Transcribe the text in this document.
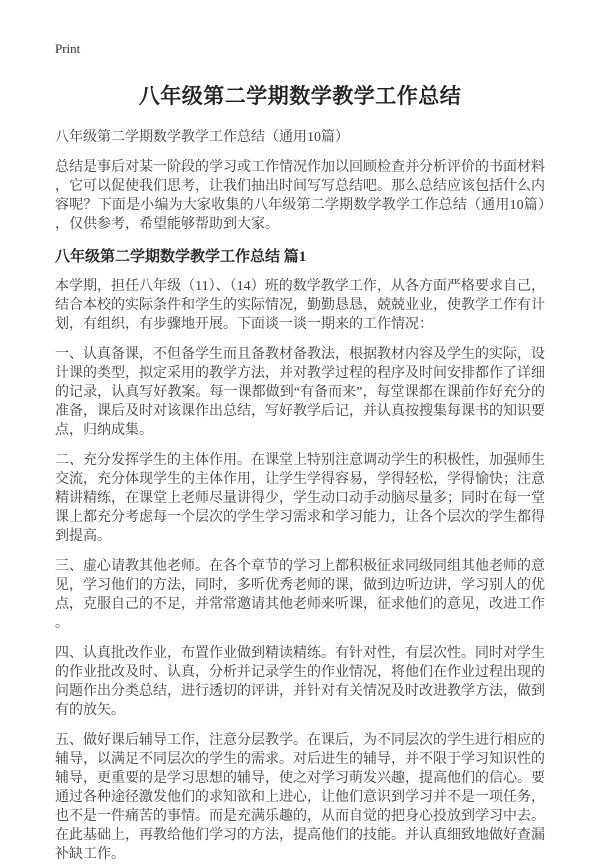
Print
八年级第二学期数学教学工作总结
八年级第二学期数学教学工作总结（通用10篇）

总结是事后对某一阶段的学习或工作情况作加以回顾检查并分析评价的书面材料，它可以促使我们思考，让我们抽出时间写写总结吧。那么总结应该包括什么内容呢？下面是小编为大家收集的八年级第二学期数学教学工作总结（通用10篇），仅供参考，希望能够帮助到大家。

八年级第二学期数学教学工作总结 篇1

本学期，担任八年级（11）、（14）班的数学教学工作，从各方面严格要求自己，结合本校的实际条件和学生的实际情况，勤勤恳恳，兢兢业业，使教学工作有计划，有组织，有步骤地开展。下面谈一谈一期来的工作情况：

一、认真备课，不但备学生而且备教材备教法，根据教材内容及学生的实际，设计课的类型，拟定采用的教学方法，并对教学过程的程序及时间安排都作了详细的记录，认真写好教案。每一课都做到“有备而来”，每堂课都在课前作好充分的准备，课后及时对该课作出总结，写好教学后记，并认真按搜集每课书的知识要点，归纳成集。

二、充分发挥学生的主体作用。在课堂上特别注意调动学生的积极性，加强师生交流，充分体现学生的主体作用，让学生学得容易，学得轻松，学得愉快；注意精讲精练，在课堂上老师尽量讲得少，学生动口动手动脑尽量多；同时在每一堂课上都充分考虑每一个层次的学生学习需求和学习能力，让各个层次的学生都得到提高。

三、虚心请教其他老师。在各个章节的学习上都积极征求同级同组其他老师的意见，学习他们的方法，同时，多听优秀老师的课，做到边听边讲，学习别人的优点，克服自己的不足，并常常邀请其他老师来听课，征求他们的意见，改进工作。

四、认真批改作业，布置作业做到精读精练。有针对性，有层次性。同时对学生的作业批改及时、认真，分析并记录学生的作业情况，将他们在作业过程出现的问题作出分类总结，进行透切的评讲，并针对有关情况及时改进教学方法，做到有的放矢。

五、做好课后辅导工作，注意分层教学。在课后，为不同层次的学生进行相应的辅导，以满足不同层次的学生的需求。对后进生的辅导，并不限于学习知识性的辅导，更重要的是学习思想的辅导，使之对学习萌发兴趣，提高他们的信心。要通过各种途径激发他们的求知欲和上进心，让他们意识到学习并不是一项任务，也不是一件痛苦的事情。而是充满乐趣的，从而自觉的把身心投放到学习中去。在此基础上，再教给他们学习的方法，提高他们的技能。并认真细致地做好查漏补缺工作。
